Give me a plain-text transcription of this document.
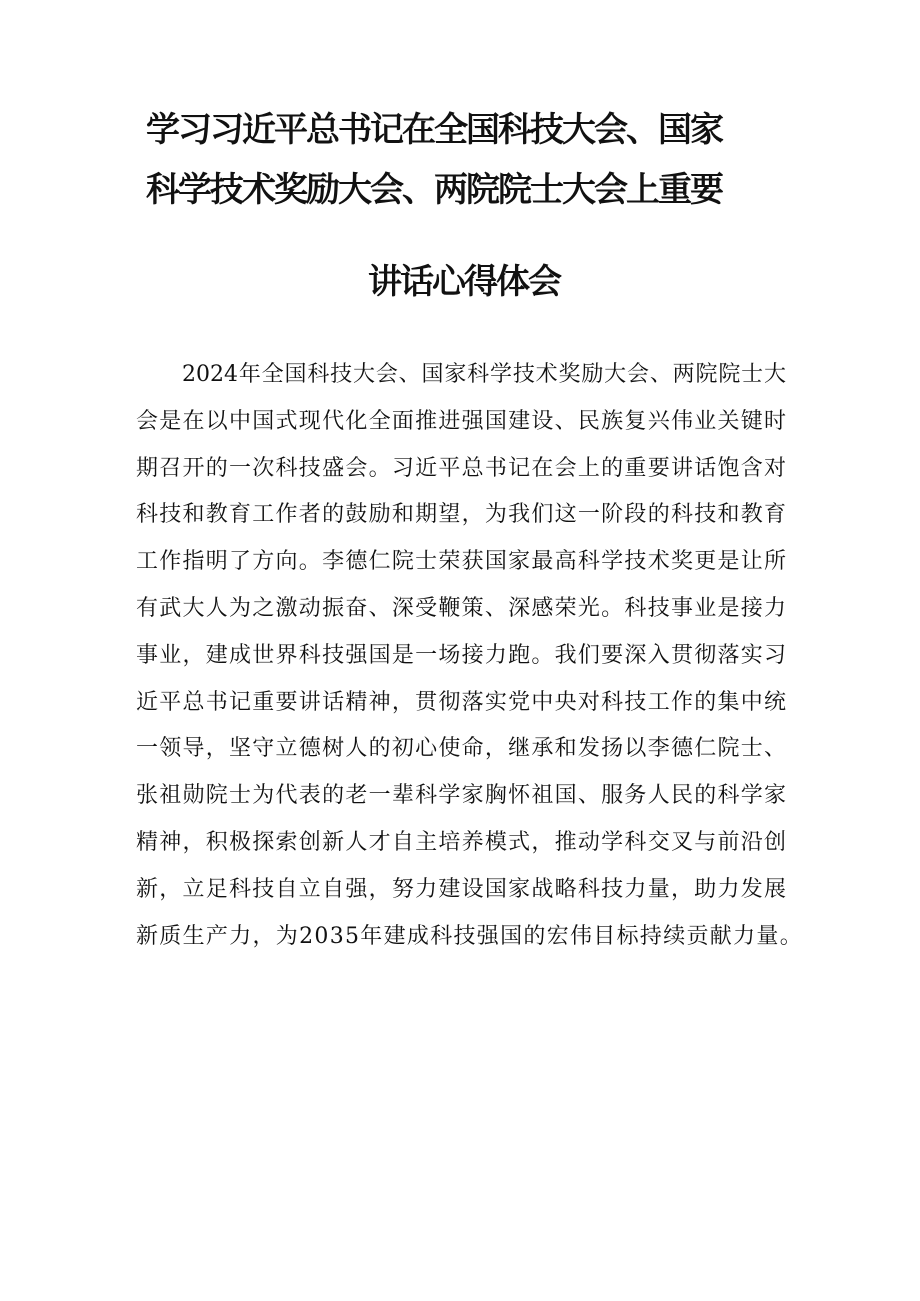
学习习近平总书记在全国科技大会、国家
科学技术奖励大会、两院院士大会上重要
讲话心得体会
2024年全国科技大会、国家科学技术奖励大会、两院院士大
会是在以中国式现代化全面推进强国建设、民族复兴伟业关键时
期召开的一次科技盛会。习近平总书记在会上的重要讲话饱含对
科技和教育工作者的鼓励和期望，为我们这一阶段的科技和教育
工作指明了方向。李德仁院士荣获国家最高科学技术奖更是让所
有武大人为之激动振奋、深受鞭策、深感荣光。科技事业是接力
事业，建成世界科技强国是一场接力跑。我们要深入贯彻落实习
近平总书记重要讲话精神，贯彻落实党中央对科技工作的集中统
一领导，坚守立德树人的初心使命，继承和发扬以李德仁院士、
张祖勋院士为代表的老一辈科学家胸怀祖国、服务人民的科学家
精神，积极探索创新人才自主培养模式，推动学科交叉与前沿创
新，立足科技自立自强，努力建设国家战略科技力量，助力发展
新质生产力，为2035年建成科技强国的宏伟目标持续贡献力量。
